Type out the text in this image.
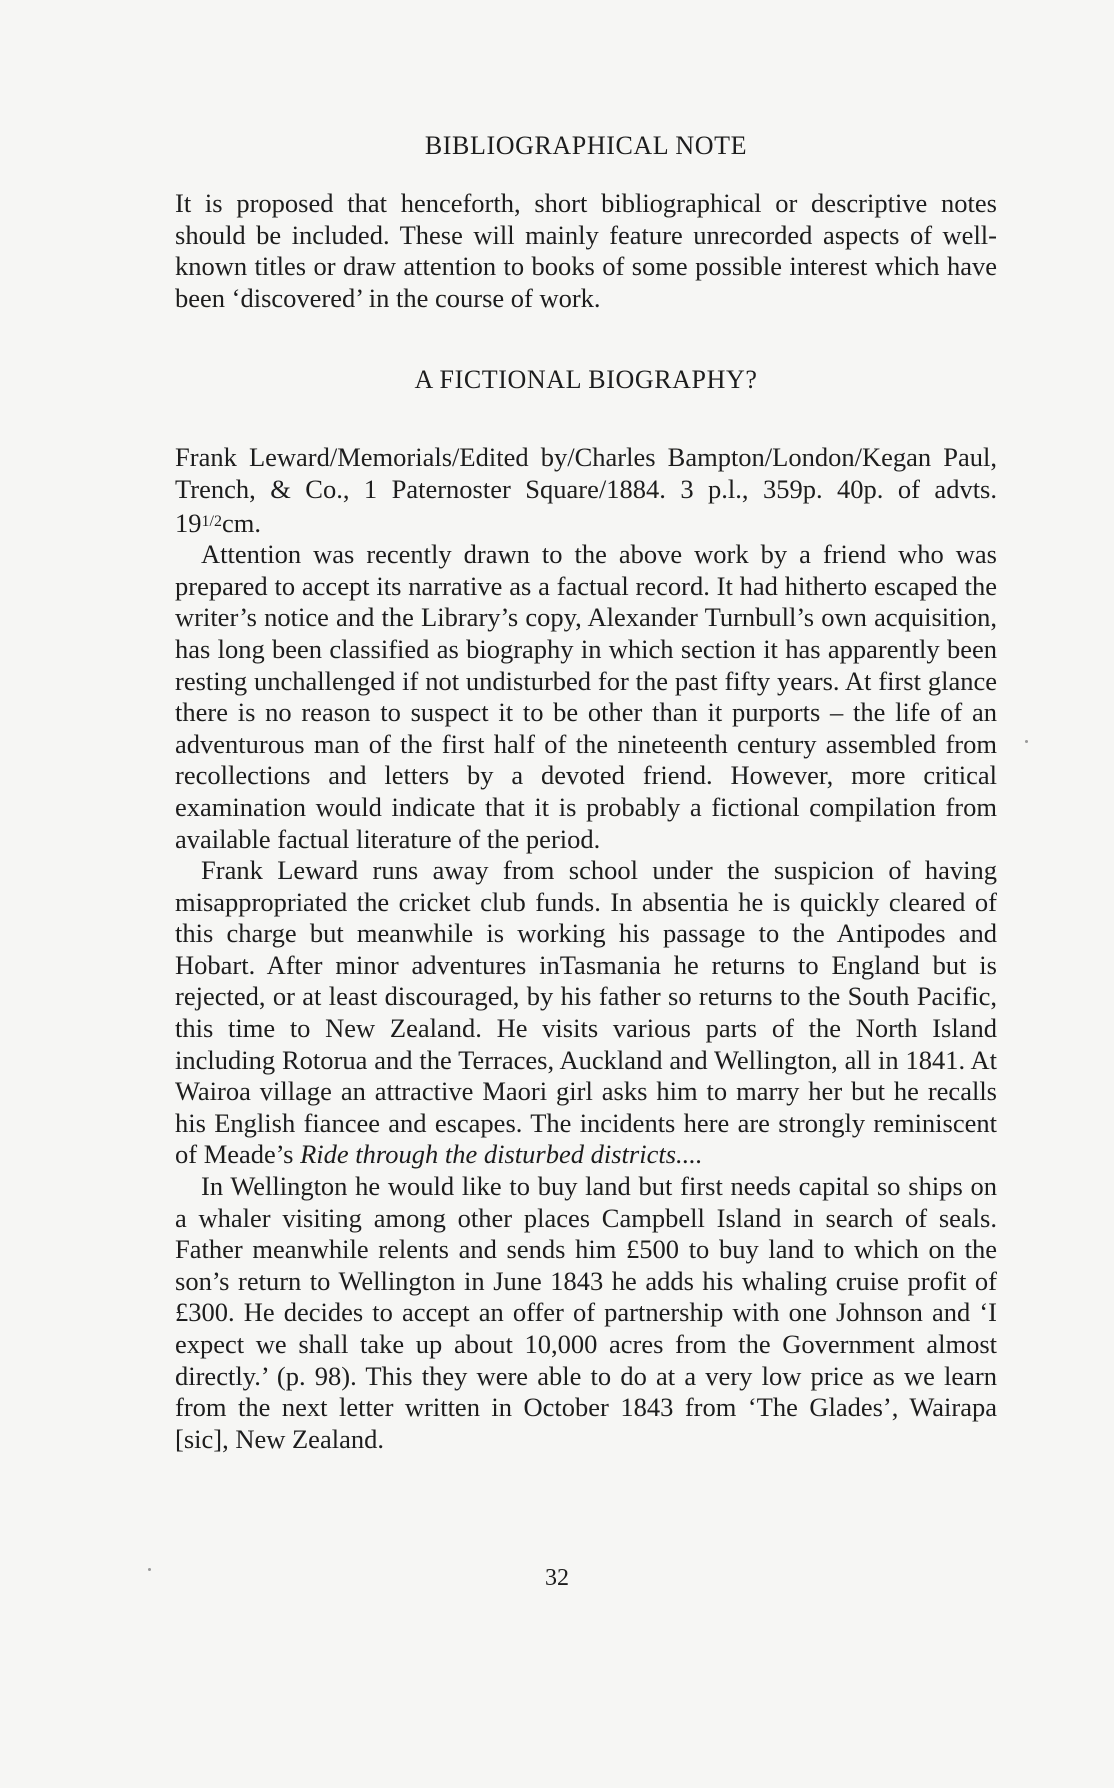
BIBLIOGRAPHICAL NOTE

It is proposed that henceforth, short bibliographical or descriptive notes should be included. These will mainly feature unrecorded aspects of well-known titles or draw attention to books of some possible interest which have been ‘discovered’ in the course of work.

A FICTIONAL BIOGRAPHY?

Frank Leward/Memorials/Edited by/Charles Bampton/London/Kegan Paul, Trench, & Co., 1 Paternoster Square/1884. 3 p.l., 359p. 40p. of advts. $19^{1/2}cm$.

Attention was recently drawn to the above work by a friend who was prepared to accept its narrative as a factual record. It had hitherto escaped the writer’s notice and the Library’s copy, Alexander Turnbull’s own acquisition, has long been classified as biography in which section it has apparently been resting unchallenged if not undisturbed for the past fifty years. At first glance there is no reason to suspect it to be other than it purports – the life of an adventurous man of the first half of the nineteenth century assembled from recollections and letters by a devoted friend. However, more critical examination would indicate that it is probably a fictional compilation from available factual literature of the period.

Frank Leward runs away from school under the suspicion of having misappropriated the cricket club funds. In absentia he is quickly cleared of this charge but meanwhile is working his passage to the Antipodes and Hobart. After minor adventures inTasmania he returns to England but is rejected, or at least discouraged, by his father so returns to the South Pacific, this time to New Zealand. He visits various parts of the North Island including Rotorua and the Terraces, Auckland and Wellington, all in 1841. At Wairoa village an attractive Maori girl asks him to marry her but he recalls his English fiancee and escapes. The incidents here are strongly reminiscent of Meade’s Ride through the disturbed districts....

In Wellington he would like to buy land but first needs capital so ships on a whaler visiting among other places Campbell Island in search of seals. Father meanwhile relents and sends him £500 to buy land to which on the son’s return to Wellington in June 1843 he adds his whaling cruise profit of £300. He decides to accept an offer of partnership with one Johnson and ‘I expect we shall take up about 10,000 acres from the Government almost directly.’ (p. 98). This they were able to do at a very low price as we learn from the next letter written in October 1843 from ‘The Glades’, Wairapa [sic], New Zealand.

32
